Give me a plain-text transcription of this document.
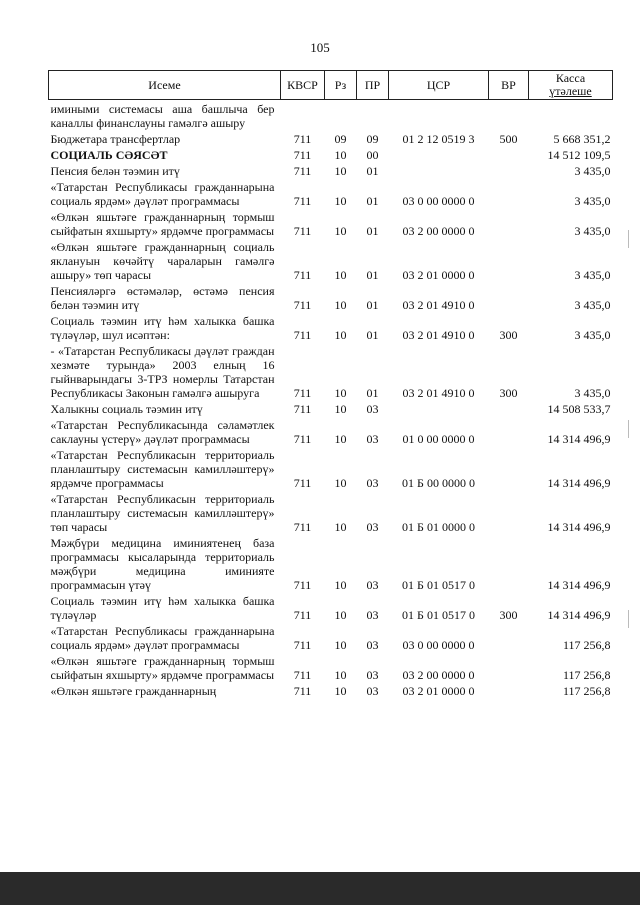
105
Исеме	КВСР	Рз	ПР	ЦСР	ВР	Касса
үтәлеше

имиными системасы аша башлыча бер каналлы финанслауны гамәлгә ашыру						
Бюджетара трансфертлар	711	09	09	01 2 12 0519 3	500	5 668 351,2
СОЦИАЛЬ СӘЯСӘТ	711	10	00			14 512 109,5
Пенсия белән тәэмин итү	711	10	01			3 435,0
«Татарстан Республикасы гражданнарына социаль ярдәм» дәүләт программасы	711	10	01	03 0 00 0000 0		3 435,0
«Өлкән яшьтәге гражданнарның тормыш сыйфатын яхшырту» ярдәмче программасы	711	10	01	03 2 00 0000 0		3 435,0
«Өлкән яшьтәге гражданнарның социаль яклануын көчәйтү чараларын гамәлгә ашыру» төп чарасы	711	10	01	03 2 01 0000 0		3 435,0
Пенсияләргә өстәмәләр, өстәмә пенсия белән тәэмин итү	711	10	01	03 2 01 4910 0		3 435,0
Социаль тәэмин итү һәм халыкка башка түләүләр, шул исәптән:	711	10	01	03 2 01 4910 0	300	3 435,0
- «Татарстан Республикасы дәүләт граждан хезмәте турында» 2003 елның 16 гыйнварындагы 3-ТРЗ номерлы Татарстан Республикасы Законын гамәлгә ашыруга	711	10	01	03 2 01 4910 0	300	3 435,0
Халыкны социаль тәэмин итү	711	10	03			14 508 533,7
«Татарстан Республикасында сәламәтлек саклауны үстерү» дәүләт программасы	711	10	03	01 0 00 0000 0		14 314 496,9
«Татарстан Республикасын территориаль планлаштыру системасын камилләштерү» ярдәмче программасы	711	10	03	01 Б 00 0000 0		14 314 496,9
«Татарстан Республикасын территориаль планлаштыру системасын камилләштерү» төп чарасы	711	10	03	01 Б 01 0000 0		14 314 496,9
Мәҗбүри медицина иминиятенең база программасы кысаларында территориаль мәҗбүри медицина иминияте программасын үтәү	711	10	03	01 Б 01 0517 0		14 314 496,9
Социаль тәэмин итү һәм халыкка башка түләүләр	711	10	03	01 Б 01 0517 0	300	14 314 496,9
«Татарстан Республикасы гражданнарына социаль ярдәм» дәүләт программасы	711	10	03	03 0 00 0000 0		117 256,8
«Өлкән яшьтәге гражданнарның тормыш сыйфатын яхшырту» ярдәмче программасы	711	10	03	03 2 00 0000 0		117 256,8
«Өлкән яшьтәге гражданнарның	711	10	03	03 2 01 0000 0		117 256,8
